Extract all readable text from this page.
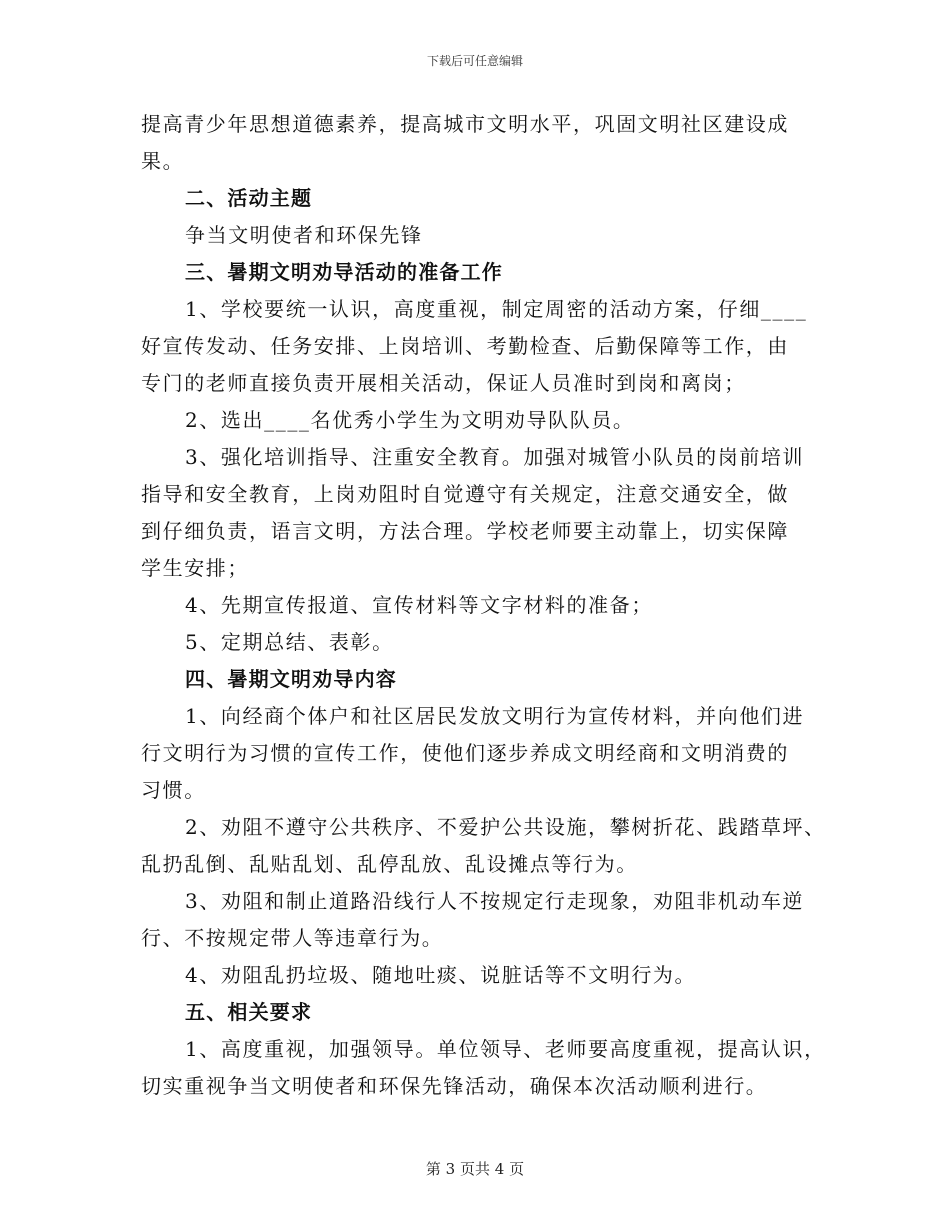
下载后可任意编辑
提高青少年思想道德素养，提高城市文明水平，巩固文明社区建设成
果。
二、活动主题
争当文明使者和环保先锋
三、暑期文明劝导活动的准备工作
1、学校要统一认识，高度重视，制定周密的活动方案，仔细____
好宣传发动、任务安排、上岗培训、考勤检查、后勤保障等工作，由
专门的老师直接负责开展相关活动，保证人员准时到岗和离岗；
2、选出____名优秀小学生为文明劝导队队员。
3、强化培训指导、注重安全教育。加强对城管小队员的岗前培训
指导和安全教育，上岗劝阻时自觉遵守有关规定，注意交通安全，做
到仔细负责，语言文明，方法合理。学校老师要主动靠上，切实保障
学生安排；
4、先期宣传报道、宣传材料等文字材料的准备；
5、定期总结、表彰。
四、暑期文明劝导内容
1、向经商个体户和社区居民发放文明行为宣传材料，并向他们进
行文明行为习惯的宣传工作，使他们逐步养成文明经商和文明消费的
习惯。
2、劝阻不遵守公共秩序、不爱护公共设施，攀树折花、践踏草坪、
乱扔乱倒、乱贴乱划、乱停乱放、乱设摊点等行为。
3、劝阻和制止道路沿线行人不按规定行走现象，劝阻非机动车逆
行、不按规定带人等违章行为。
4、劝阻乱扔垃圾、随地吐痰、说脏话等不文明行为。
五、相关要求
1、高度重视，加强领导。单位领导、老师要高度重视，提高认识，
切实重视争当文明使者和环保先锋活动，确保本次活动顺利进行。
第 3 页共 4 页
